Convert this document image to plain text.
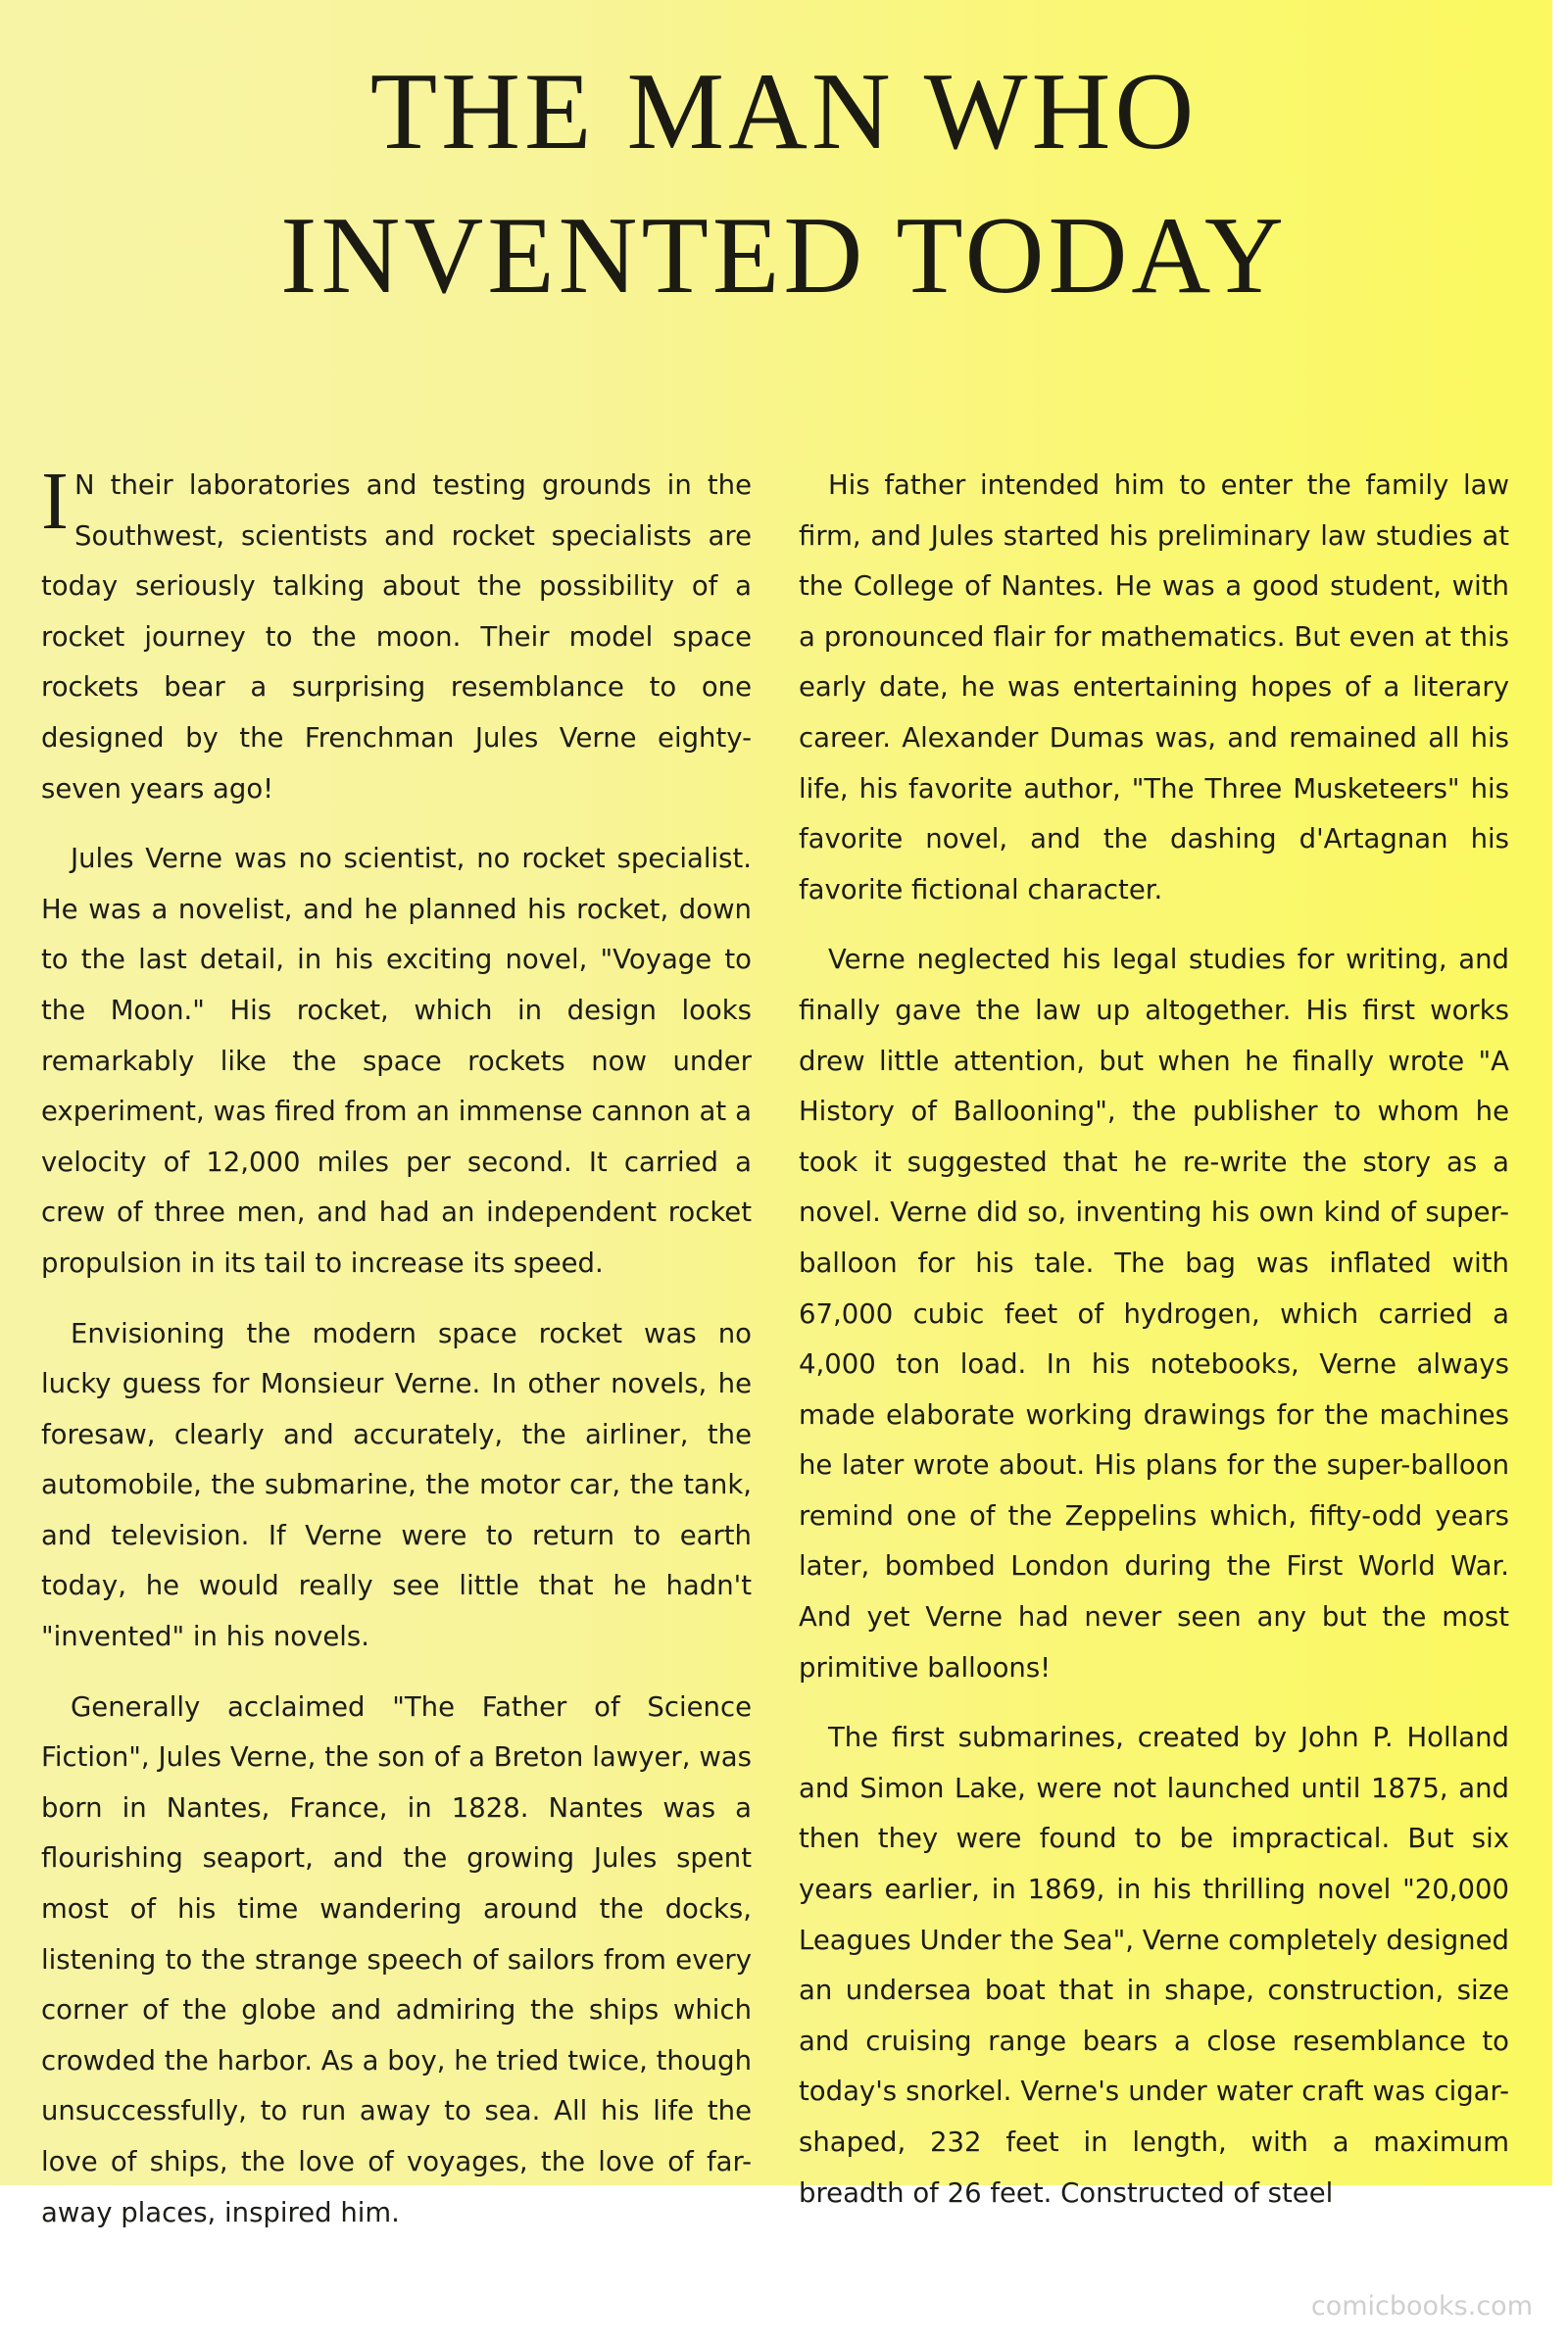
THE MAN WHO
INVENTED TODAY

I N their laboratories and testing grounds in the Southwest, scientists and rocket specialists are today seriously talking about the possibility of a rocket journey to the moon. Their model space rockets bear a surprising resemblance to one designed by the Frenchman Jules Verne eighty-seven years ago!

Jules Verne was no scientist, no rocket specialist. He was a novelist, and he planned his rocket, down to the last detail, in his exciting novel, "Voyage to the Moon." His rocket, which in design looks remarkably like the space rockets now under experiment, was fired from an immense cannon at a velocity of 12,000 miles per second. It carried a crew of three men, and had an independent rocket propulsion in its tail to increase its speed.

Envisioning the modern space rocket was no lucky guess for Monsieur Verne. In other novels, he foresaw, clearly and accurately, the airliner, the automobile, the submarine, the motor car, the tank, and television. If Verne were to return to earth today, he would really see little that he hadn't "invented" in his novels.

Generally acclaimed "The Father of Science Fiction", Jules Verne, the son of a Breton lawyer, was born in Nantes, France, in 1828. Nantes was a flourishing seaport, and the growing Jules spent most of his time wandering around the docks, listening to the strange speech of sailors from every corner of the globe and admiring the ships which crowded the harbor. As a boy, he tried twice, though unsuccessfully, to run away to sea. All his life the love of ships, the love of voyages, the love of far-away places, inspired him.

His father intended him to enter the family law firm, and Jules started his preliminary law studies at the College of Nantes. He was a good student, with a pronounced flair for mathematics. But even at this early date, he was entertaining hopes of a literary career. Alexander Dumas was, and remained all his life, his favorite author, "The Three Musketeers" his favorite novel, and the dashing d'Artagnan his favorite fictional character.

Verne neglected his legal studies for writing, and finally gave the law up altogether. His first works drew little attention, but when he finally wrote "A History of Ballooning", the publisher to whom he took it suggested that he re-write the story as a novel. Verne did so, inventing his own kind of super-balloon for his tale. The bag was inflated with 67,000 cubic feet of hydrogen, which carried a 4,000 ton load. In his notebooks, Verne always made elaborate working drawings for the machines he later wrote about. His plans for the super-balloon remind one of the Zeppelins which, fifty-odd years later, bombed London during the First World War. And yet Verne had never seen any but the most primitive balloons!

The first submarines, created by John P. Holland and Simon Lake, were not launched until 1875, and then they were found to be impractical. But six years earlier, in 1869, in his thrilling novel "20,000 Leagues Under the Sea", Verne completely designed an undersea boat that in shape, construction, size and cruising range bears a close resemblance to today's snorkel. Verne's under water craft was cigar-shaped, 232 feet in length, with a maximum breadth of 26 feet. Constructed of steel

comicbooks.com
